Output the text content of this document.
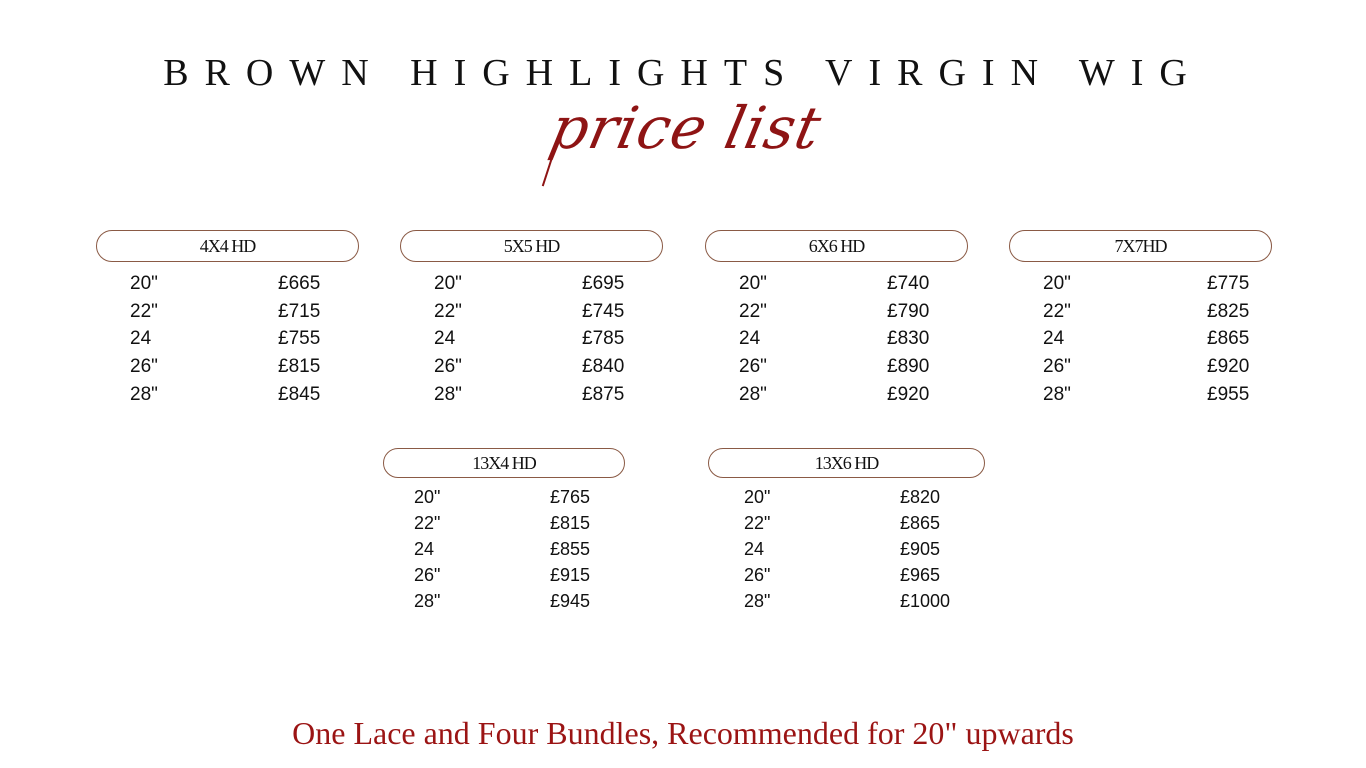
BROWN HIGHLIGHTS VIRGIN WIG
price list
4X4 HD
20"	£665
22"	£715
24	£755
26"	£815
28"	£845
5X5 HD
20"	£695
22"	£745
24	£785
26"	£840
28"	£875
6X6 HD
20"	£740
22"	£790
24	£830
26"	£890
28"	£920
7X7HD
20"	£775
22"	£825
24	£865
26"	£920
28"	£955
13X4 HD
20"	£765
22"	£815
24	£855
26"	£915
28"	£945
13X6 HD
20"	£820
22"	£865
24	£905
26"	£965
28"	£1000
One Lace and Four Bundles, Recommended for 20" upwards
